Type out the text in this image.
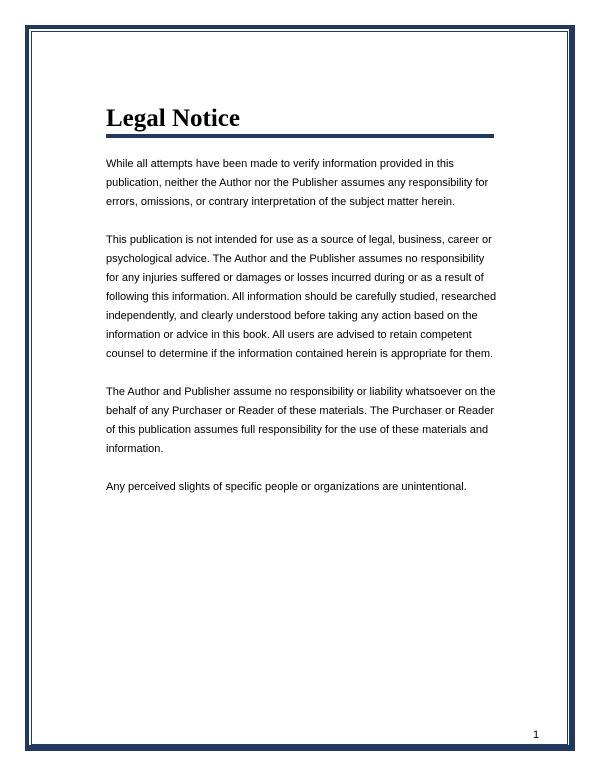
Legal Notice

While all attempts have been made to verify information provided in this publication, neither the Author nor the Publisher assumes any responsibility for errors, omissions, or contrary interpretation of the subject matter herein.

This publication is not intended for use as a source of legal, business, career or psychological advice. The Author and the Publisher assumes no responsibility for any injuries suffered or damages or losses incurred during or as a result of following this information. All information should be carefully studied, researched independently, and clearly understood before taking any action based on the information or advice in this book. All users are advised to retain competent counsel to determine if the information contained herein is appropriate for them.

The Author and Publisher assume no responsibility or liability whatsoever on the behalf of any Purchaser or Reader of these materials. The Purchaser or Reader of this publication assumes full responsibility for the use of these materials and information.

Any perceived slights of specific people or organizations are unintentional.

1
